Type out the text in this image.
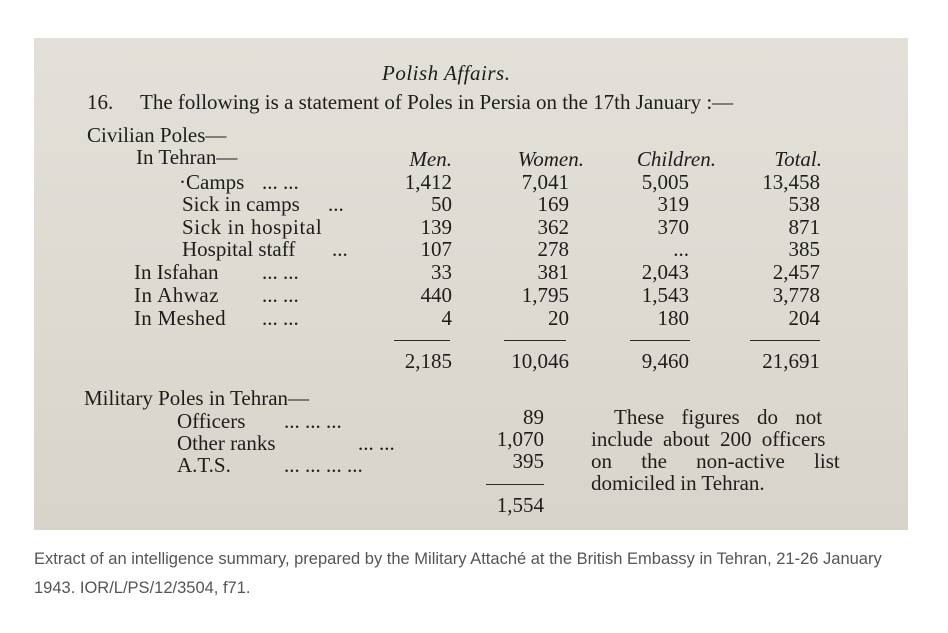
Polish Affairs.
16. The following is a statement of Poles in Persia on the 17th January :—
Civilian Poles—
In Tehran—	Men.	Women.	Children.	Total.
·Camps ... ...	1,412	7,041	5,005	13,458
Sick in camps ...	50	169	319	538
Sick in hospital	139	362	370	871
Hospital staff ...	107	278	...	385
In Isfahan ... ...	33	381	2,043	2,457
In Ahwaz ... ...	440	1,795	1,543	3,778
In Meshed ... ...	4	20	180	204
2,185	10,046	9,460	21,691
Military Poles in Tehran—
Officers ... ... ...	89
Other ranks	... ...	1,070
A.T.S.	... ... ... ...	395
1,554
These figures do not
include about 200 officers
on the non-active list
domiciled in Tehran.
Extract of an intelligence summary, prepared by the Military Attaché at the British Embassy in Tehran, 21-26 January 1943. IOR/L/PS/12/3504, f71.
